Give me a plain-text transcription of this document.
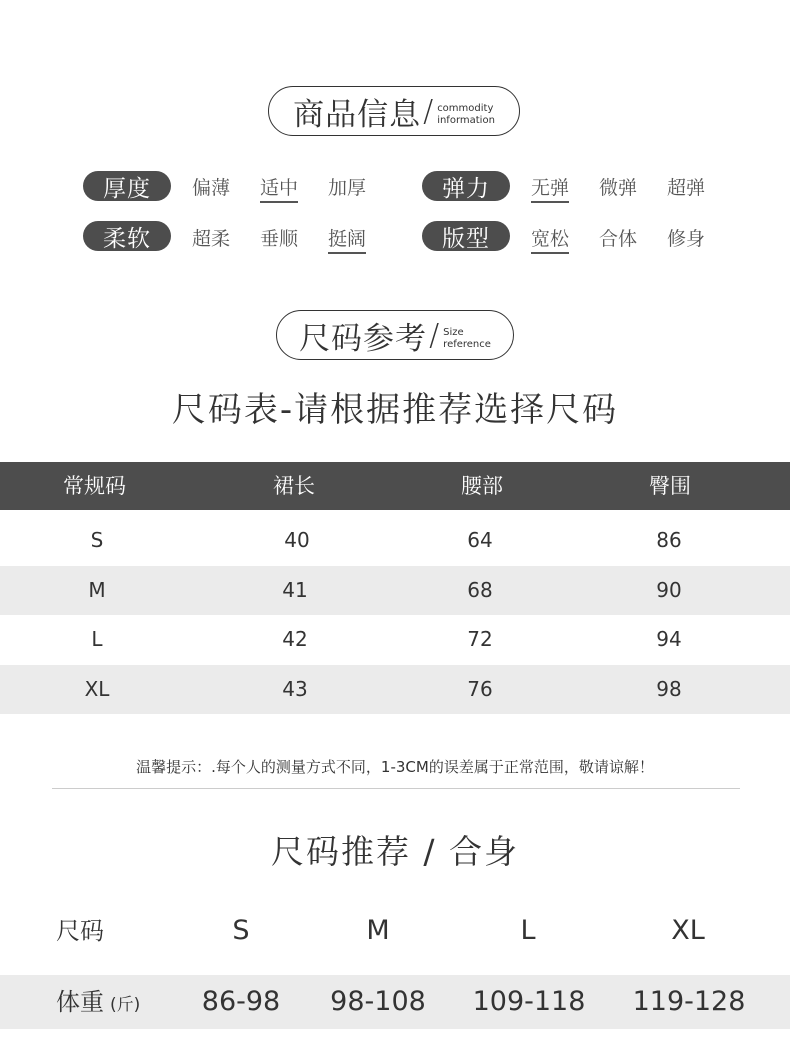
商品信息 / commodity
information
厚度	偏薄 适中 加厚	弹力	无弹 微弹 超弹
柔软	超柔 垂顺 挺阔	版型	宽松 合体 修身
尺码参考 / Size
reference
尺码表-请根据推荐选择尺码
常规码	裙长	腰部	臀围
S	40	64	86
M	41	68	90
L	42	72	94
XL	43	76	98
温馨提示：.每个人的测量方式不同，1-3CM的误差属于正常范围，敬请谅解！
尺码推荐 / 合身
尺码	S	M	L	XL
体重 (斤)	86-98	98-108	109-118	119-128
